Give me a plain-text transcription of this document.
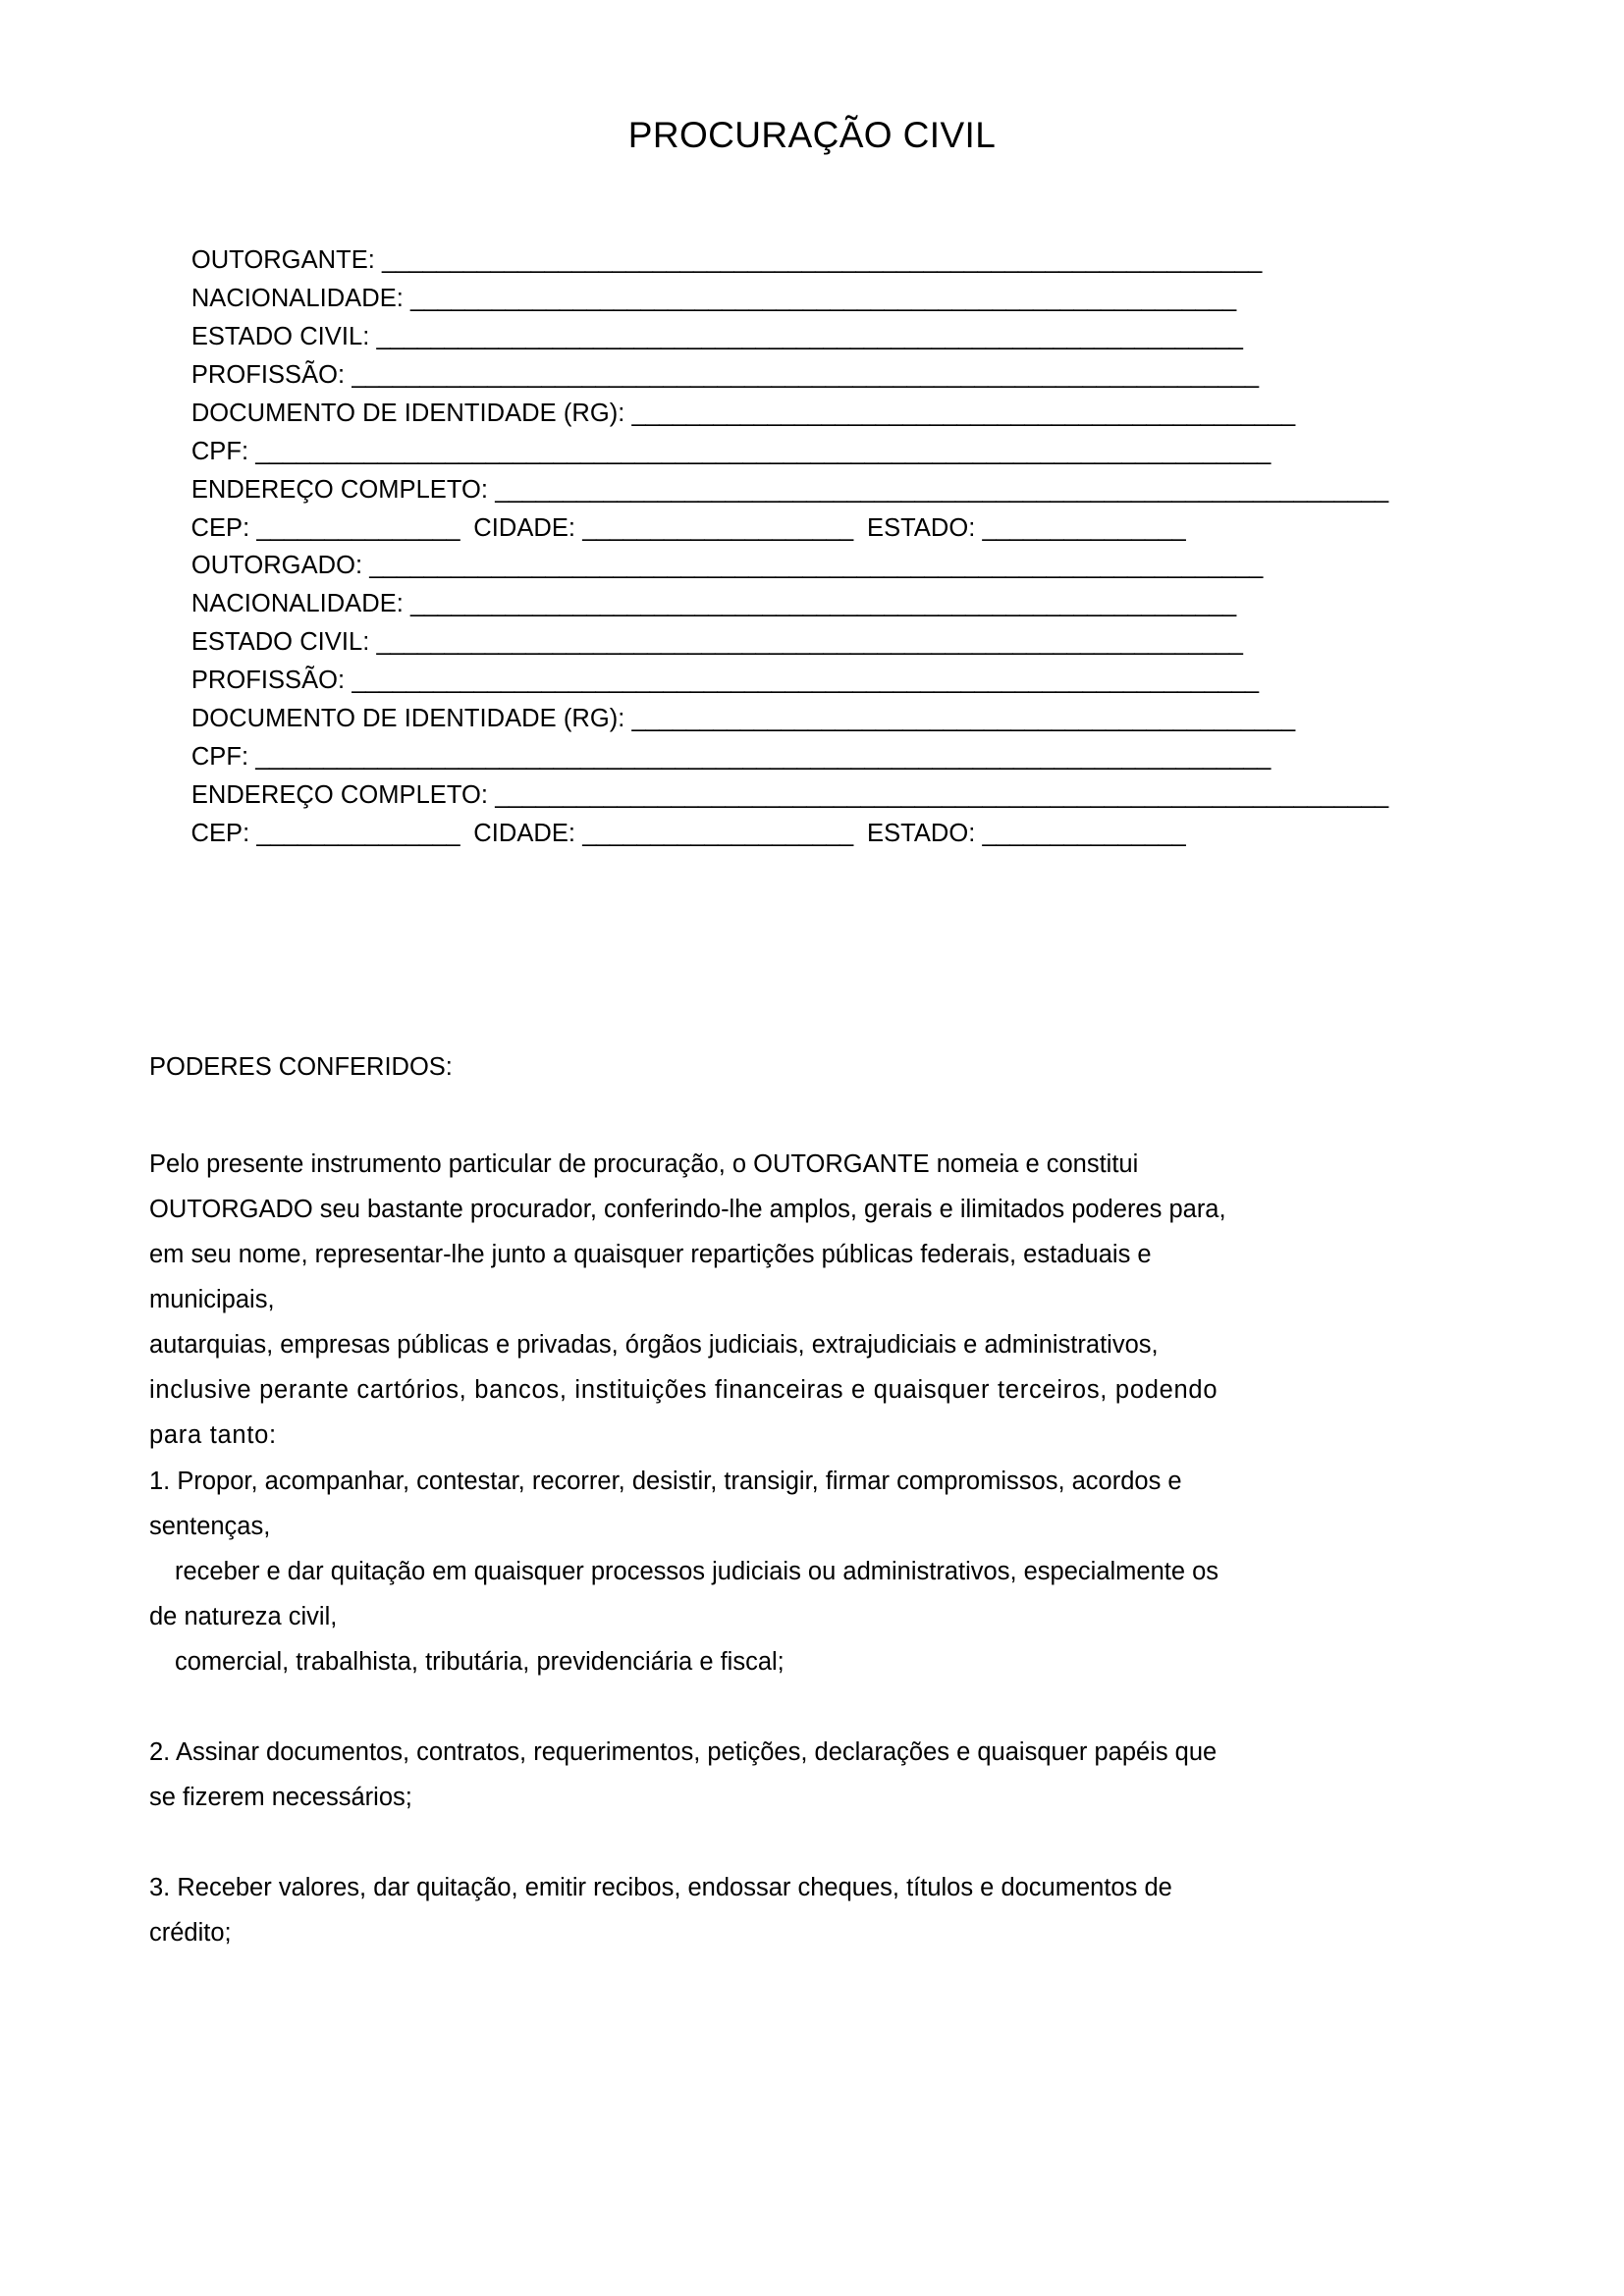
PROCURAÇÃO CIVIL

OUTORGANTE: _________________________________________________________________

NACIONALIDADE: _____________________________________________________________

ESTADO CIVIL: ________________________________________________________________

PROFISSÃO: ___________________________________________________________________

DOCUMENTO DE IDENTIDADE (RG): _________________________________________________

CPF: ___________________________________________________________________________

ENDEREÇO COMPLETO: __________________________________________________________________

CEP: _______________ CIDADE: ____________________ ESTADO: _______________

OUTORGADO: __________________________________________________________________

NACIONALIDADE: _____________________________________________________________

ESTADO CIVIL: ________________________________________________________________

PROFISSÃO: ___________________________________________________________________

DOCUMENTO DE IDENTIDADE (RG): _________________________________________________

CPF: ___________________________________________________________________________

ENDEREÇO COMPLETO: __________________________________________________________________

CEP: _______________ CIDADE: ____________________ ESTADO: _______________

PODERES CONFERIDOS:
Pelo presente instrumento particular de procuração, o OUTORGANTE nomeia e constitui
OUTORGADO seu bastante procurador, conferindo-lhe amplos, gerais e ilimitados poderes para,
em seu nome, representar-lhe junto a quaisquer repartições públicas federais, estaduais e
municipais,
autarquias, empresas públicas e privadas, órgãos judiciais, extrajudiciais e administrativos,
inclusive perante cartórios, bancos, instituições financeiras e quaisquer terceiros, podendo
para tanto:
1. Propor, acompanhar, contestar, recorrer, desistir, transigir, firmar compromissos, acordos e
sentenças,
receber e dar quitação em quaisquer processos judiciais ou administrativos, especialmente os
de natureza civil,
comercial, trabalhista, tributária, previdenciária e fiscal;
2. Assinar documentos, contratos, requerimentos, petições, declarações e quaisquer papéis que
se fizerem necessários;
3. Receber valores, dar quitação, emitir recibos, endossar cheques, títulos e documentos de
crédito;
